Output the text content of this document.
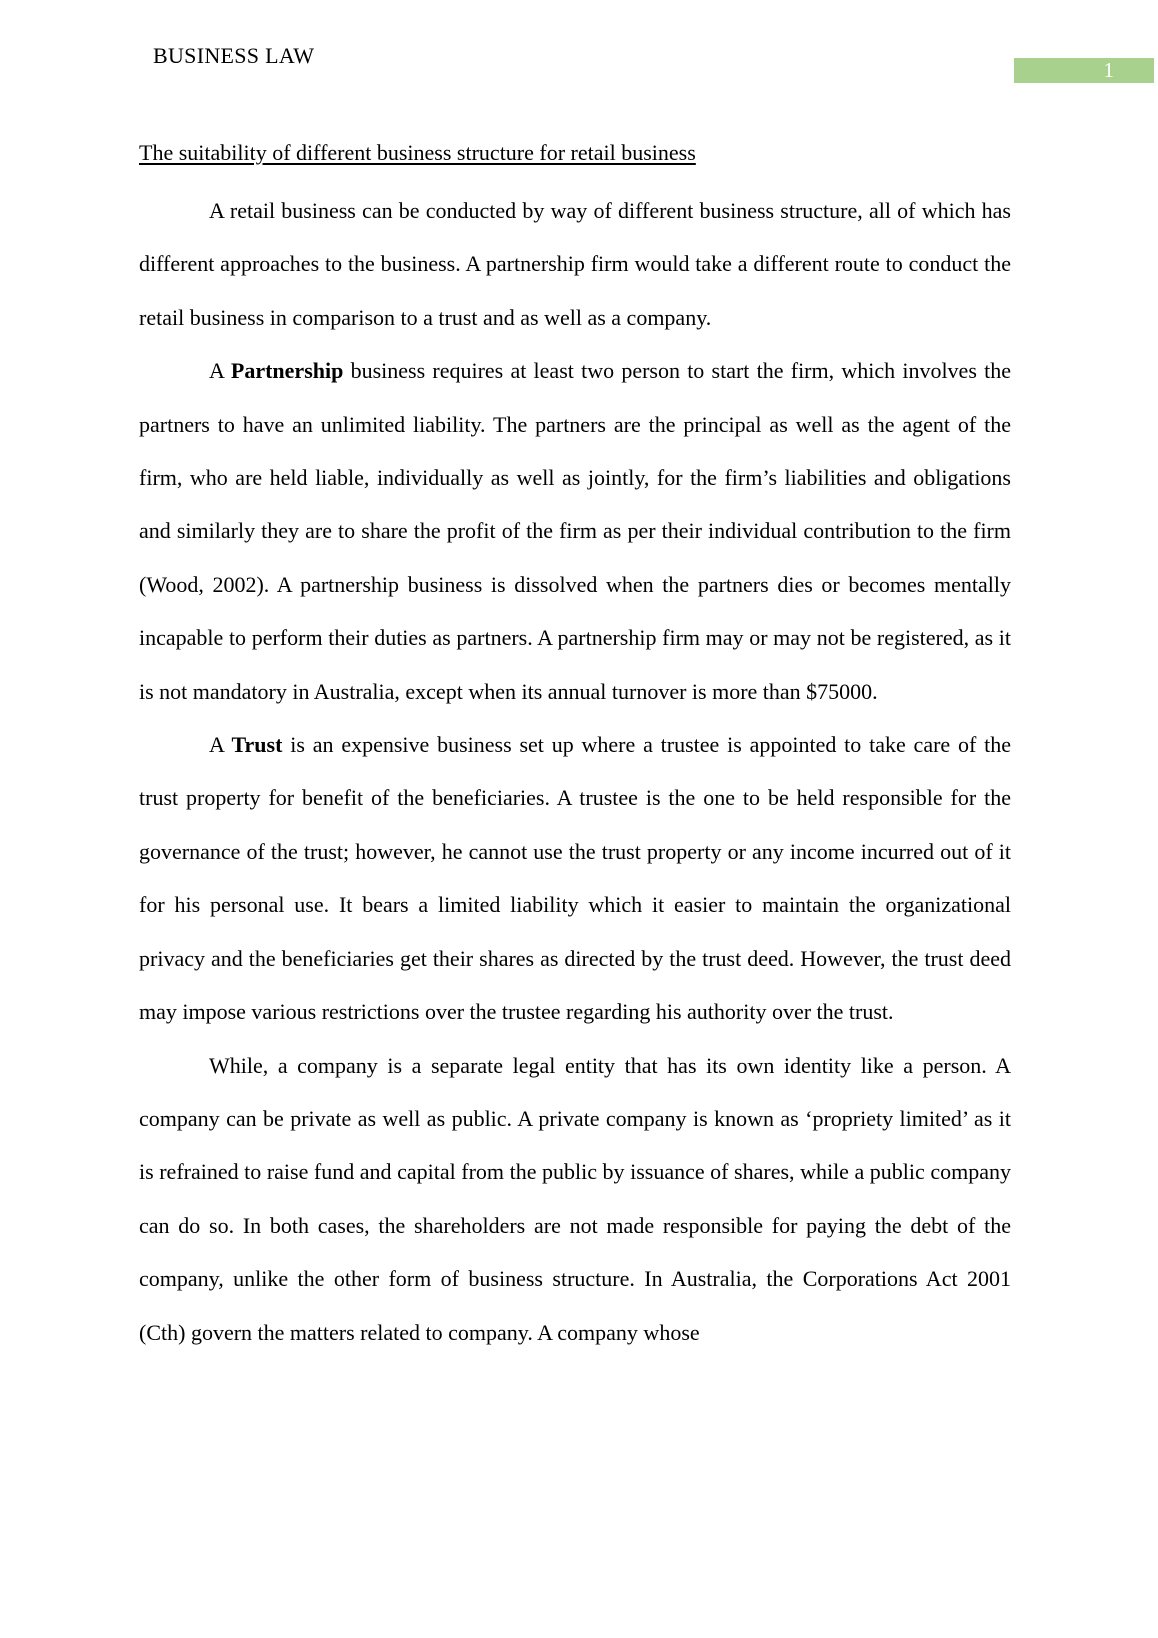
BUSINESS LAW
1
The suitability of different business structure for retail business

A retail business can be conducted by way of different business structure, all of which has different approaches to the business. A partnership firm would take a different route to conduct the retail business in comparison to a trust and as well as a company.

A Partnership business requires at least two person to start the firm, which involves the partners to have an unlimited liability. The partners are the principal as well as the agent of the firm, who are held liable, individually as well as jointly, for the firm’s liabilities and obligations and similarly they are to share the profit of the firm as per their individual contribution to the firm (Wood, 2002). A partnership business is dissolved when the partners dies or becomes mentally incapable to perform their duties as partners. A partnership firm may or may not be registered, as it is not mandatory in Australia, except when its annual turnover is more than $75000.

A Trust is an expensive business set up where a trustee is appointed to take care of the trust property for benefit of the beneficiaries. A trustee is the one to be held responsible for the governance of the trust; however, he cannot use the trust property or any income incurred out of it for his personal use. It bears a limited liability which it easier to maintain the organizational privacy and the beneficiaries get their shares as directed by the trust deed. However, the trust deed may impose various restrictions over the trustee regarding his authority over the trust.

While, a company is a separate legal entity that has its own identity like a person. A company can be private as well as public. A private company is known as ‘propriety limited’ as it is refrained to raise fund and capital from the public by issuance of shares, while a public company can do so. In both cases, the shareholders are not made responsible for paying the debt of the company, unlike the other form of business structure. In Australia, the Corporations Act 2001 (Cth) govern the matters related to company. A company whose
